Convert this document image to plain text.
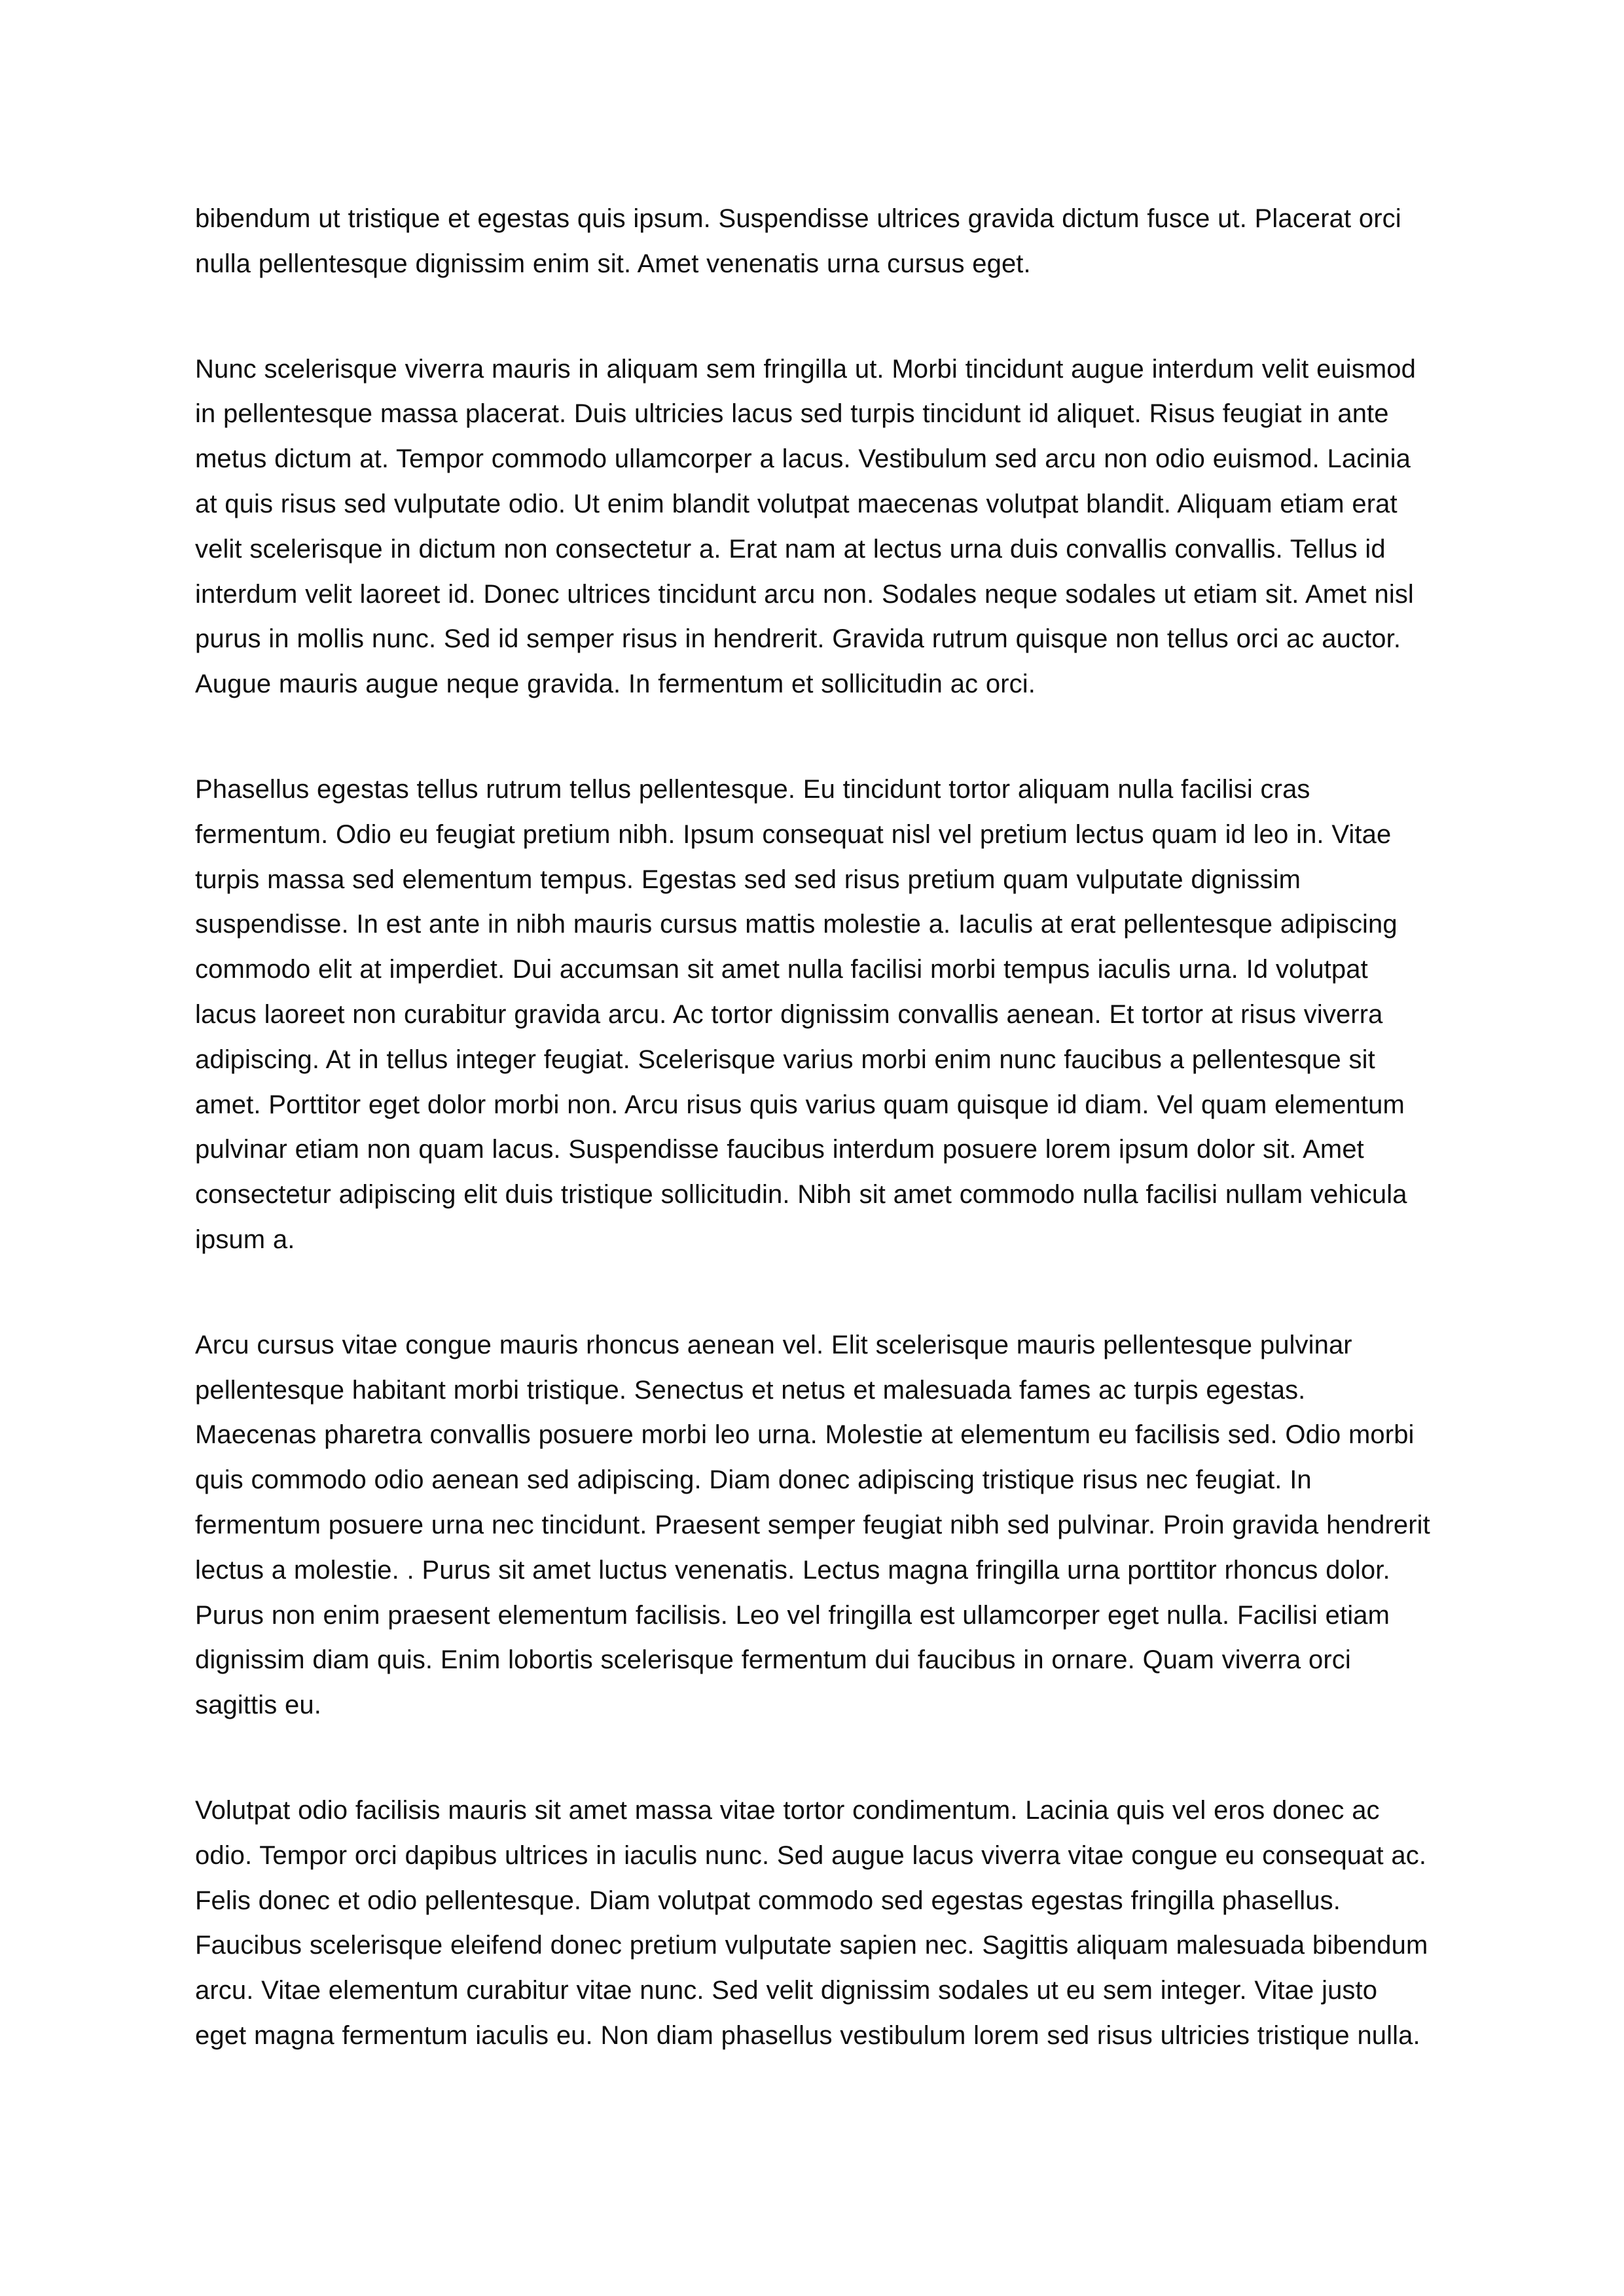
bibendum ut tristique et egestas quis ipsum. Suspendisse ultrices gravida dictum fusce ut. Placerat orci nulla pellentesque dignissim enim sit. Amet venenatis urna cursus eget.

Nunc scelerisque viverra mauris in aliquam sem fringilla ut. Morbi tincidunt augue interdum velit euismod in pellentesque massa placerat. Duis ultricies lacus sed turpis tincidunt id aliquet. Risus feugiat in ante metus dictum at. Tempor commodo ullamcorper a lacus. Vestibulum sed arcu non odio euismod. Lacinia at quis risus sed vulputate odio. Ut enim blandit volutpat maecenas volutpat blandit. Aliquam etiam erat velit scelerisque in dictum non consectetur a. Erat nam at lectus urna duis convallis convallis. Tellus id interdum velit laoreet id. Donec ultrices tincidunt arcu non. Sodales neque sodales ut etiam sit. Amet nisl purus in mollis nunc. Sed id semper risus in hendrerit. Gravida rutrum quisque non tellus orci ac auctor. Augue mauris augue neque gravida. In fermentum et sollicitudin ac orci.

Phasellus egestas tellus rutrum tellus pellentesque. Eu tincidunt tortor aliquam nulla facilisi cras fermentum. Odio eu feugiat pretium nibh. Ipsum consequat nisl vel pretium lectus quam id leo in. Vitae turpis massa sed elementum tempus. Egestas sed sed risus pretium quam vulputate dignissim suspendisse. In est ante in nibh mauris cursus mattis molestie a. Iaculis at erat pellentesque adipiscing commodo elit at imperdiet. Dui accumsan sit amet nulla facilisi morbi tempus iaculis urna. Id volutpat lacus laoreet non curabitur gravida arcu. Ac tortor dignissim convallis aenean. Et tortor at risus viverra adipiscing. At in tellus integer feugiat. Scelerisque varius morbi enim nunc faucibus a pellentesque sit amet. Porttitor eget dolor morbi non. Arcu risus quis varius quam quisque id diam. Vel quam elementum pulvinar etiam non quam lacus. Suspendisse faucibus interdum posuere lorem ipsum dolor sit. Amet consectetur adipiscing elit duis tristique sollicitudin. Nibh sit amet commodo nulla facilisi nullam vehicula ipsum a.

Arcu cursus vitae congue mauris rhoncus aenean vel. Elit scelerisque mauris pellentesque pulvinar pellentesque habitant morbi tristique. Senectus et netus et malesuada fames ac turpis egestas. Maecenas pharetra convallis posuere morbi leo urna. Molestie at elementum eu facilisis sed. Odio morbi quis commodo odio aenean sed adipiscing. Diam donec adipiscing tristique risus nec feugiat. In fermentum posuere urna nec tincidunt. Praesent semper feugiat nibh sed pulvinar. Proin gravida hendrerit lectus a molestie. . Purus sit amet luctus venenatis. Lectus magna fringilla urna porttitor rhoncus dolor. Purus non enim praesent elementum facilisis. Leo vel fringilla est ullamcorper eget nulla. Facilisi etiam dignissim diam quis. Enim lobortis scelerisque fermentum dui faucibus in ornare. Quam viverra orci sagittis eu.

Volutpat odio facilisis mauris sit amet massa vitae tortor condimentum. Lacinia quis vel eros donec ac odio. Tempor orci dapibus ultrices in iaculis nunc. Sed augue lacus viverra vitae congue eu consequat ac. Felis donec et odio pellentesque. Diam volutpat commodo sed egestas egestas fringilla phasellus. Faucibus scelerisque eleifend donec pretium vulputate sapien nec. Sagittis aliquam malesuada bibendum arcu. Vitae elementum curabitur vitae nunc. Sed velit dignissim sodales ut eu sem integer. Vitae justo eget magna fermentum iaculis eu. Non diam phasellus vestibulum lorem sed risus ultricies tristique nulla.
